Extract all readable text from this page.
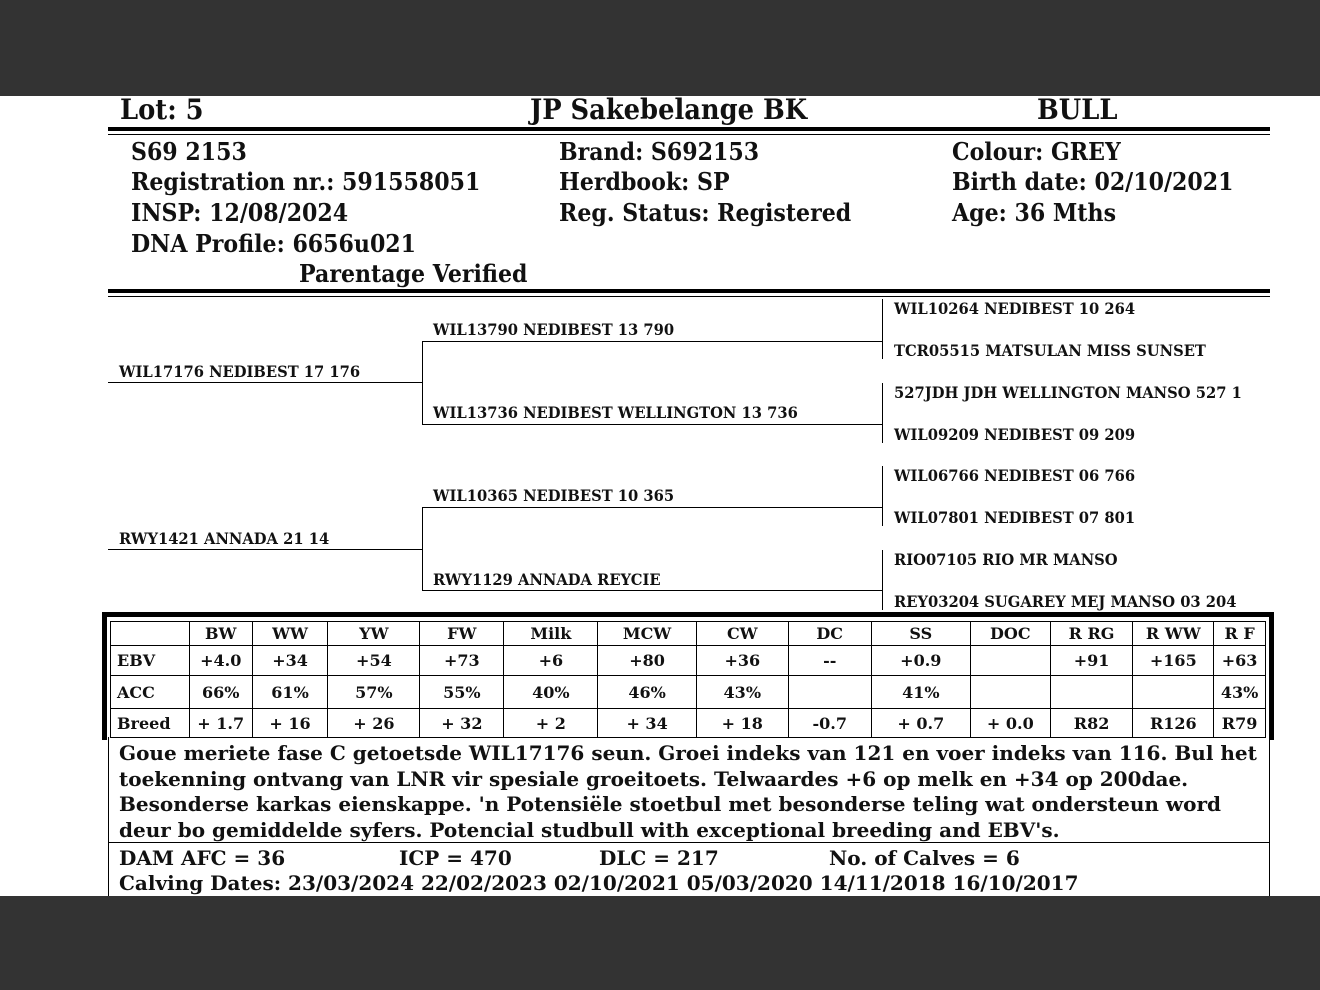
Lot: 5	JP Sakebelange BK	BULL
S69 2153
Registration nr.: 591558051
INSP: 12/08/2024
DNA Profile: 6656u021
Parentage Verified
Brand: S692153
Herdbook: SP
Reg. Status: Registered
Colour: GREY
Birth date: 02/10/2021
Age: 36 Mths
WIL17176 NEDIBEST 17 176
RWY1421 ANNADA 21 14
WIL13790 NEDIBEST 13 790
WIL13736 NEDIBEST WELLINGTON 13 736
WIL10365 NEDIBEST 10 365
RWY1129 ANNADA REYCIE
WIL10264 NEDIBEST 10 264
TCR05515 MATSULAN MISS SUNSET
527JDH JDH WELLINGTON MANSO 527 1
WIL09209 NEDIBEST 09 209
WIL06766 NEDIBEST 06 766
WIL07801 NEDIBEST 07 801
RIO07105 RIO MR MANSO
REY03204 SUGAREY MEJ MANSO 03 204
	BW	WW	YW	FW	Milk	MCW	CW	DC	SS	DOC	R RG	R WW	R F
EBV	+4.0	+34	+54	+73	+6	+80	+36	--	+0.9		+91	+165	+63
ACC	66%	61%	57%	55%	40%	46%	43%		41%				43%
Breed	+ 1.7	+ 16	+ 26	+ 32	+ 2	+ 34	+ 18	-0.7	+ 0.7	+ 0.0	R82	R126	R79
Goue meriete fase C getoetsde WIL17176 seun. Groei indeks van 121 en voer indeks van 116. Bul het toekenning ontvang van LNR vir spesiale groeitoets. Telwaardes +6 op melk en +34 op 200dae. Besonderse karkas eienskappe. 'n Potensiële stoetbul met besonderse teling wat ondersteun word deur bo gemiddelde syfers. Potencial studbull with exceptional breeding and EBV's.
DAM AFC = 36	ICP = 470	DLC = 217	No. of Calves = 6
Calving Dates: 23/03/2024 22/02/2023 02/10/2021 05/03/2020 14/11/2018 16/10/2017
